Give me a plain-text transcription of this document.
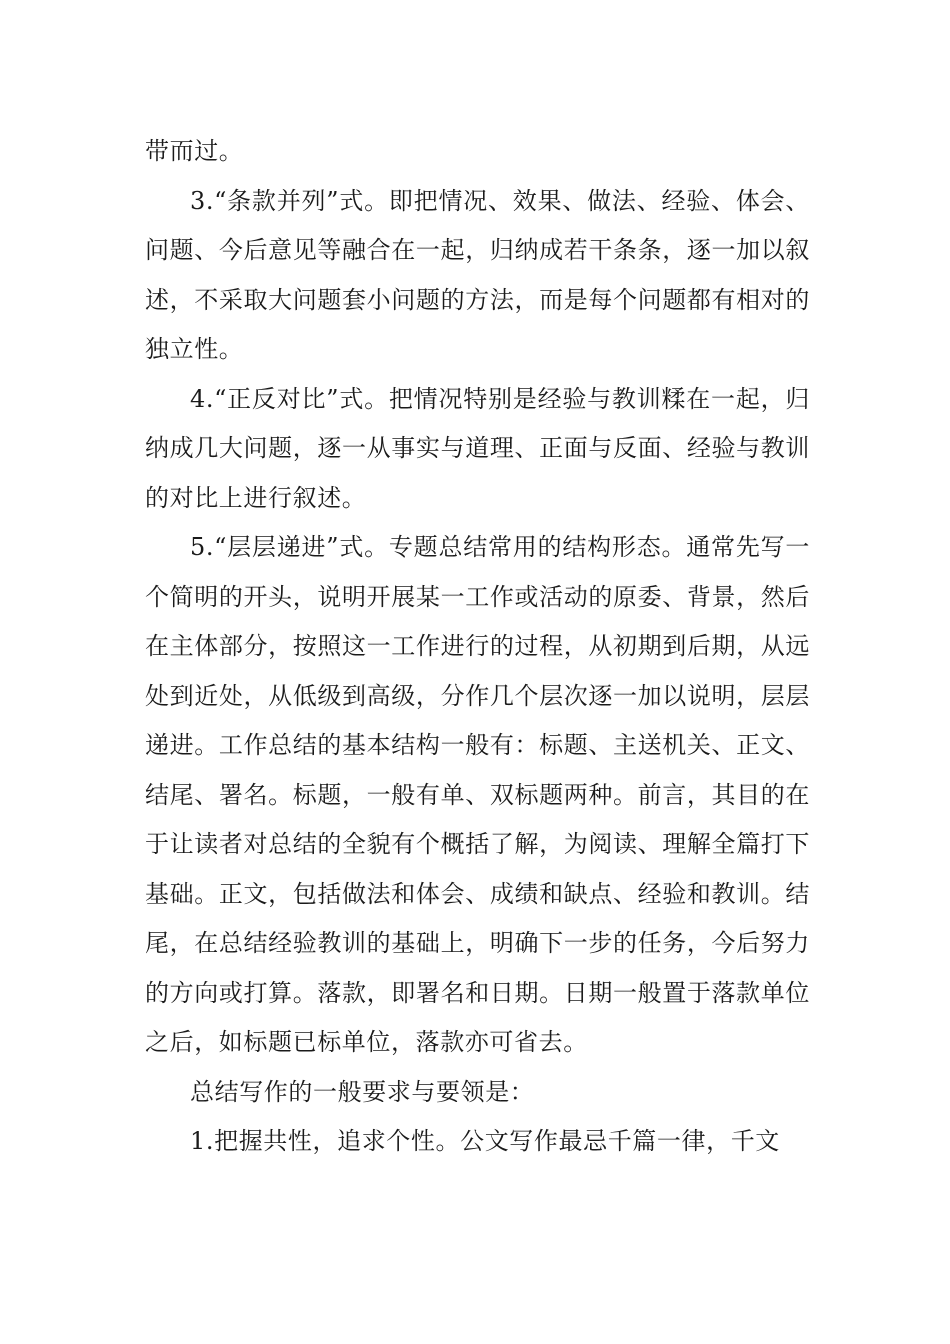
带而过。

3.“条款并列”式。即把情况、效果、做法、经验、体会、问题、今后意见等融合在一起，归纳成若干条条，逐一加以叙述，不采取大问题套小问题的方法，而是每个问题都有相对的独立性。

4.“正反对比”式。把情况特别是经验与教训糅在一起，归纳成几大问题，逐一从事实与道理、正面与反面、经验与教训的对比上进行叙述。

5.“层层递进”式。专题总结常用的结构形态。通常先写一个简明的开头，说明开展某一工作或活动的原委、背景，然后在主体部分，按照这一工作进行的过程，从初期到后期，从远处到近处，从低级到高级，分作几个层次逐一加以说明，层层递进。工作总结的基本结构一般有：标题、主送机关、正文、结尾、署名。标题，一般有单、双标题两种。前言，其目的在于让读者对总结的全貌有个概括了解，为阅读、理解全篇打下基础。正文，包括做法和体会、成绩和缺点、经验和教训。结尾，在总结经验教训的基础上，明确下一步的任务，今后努力的方向或打算。落款，即署名和日期。日期一般置于落款单位之后，如标题已标单位，落款亦可省去。

总结写作的一般要求与要领是：

1.把握共性，追求个性。公文写作最忌千篇一律，千文
